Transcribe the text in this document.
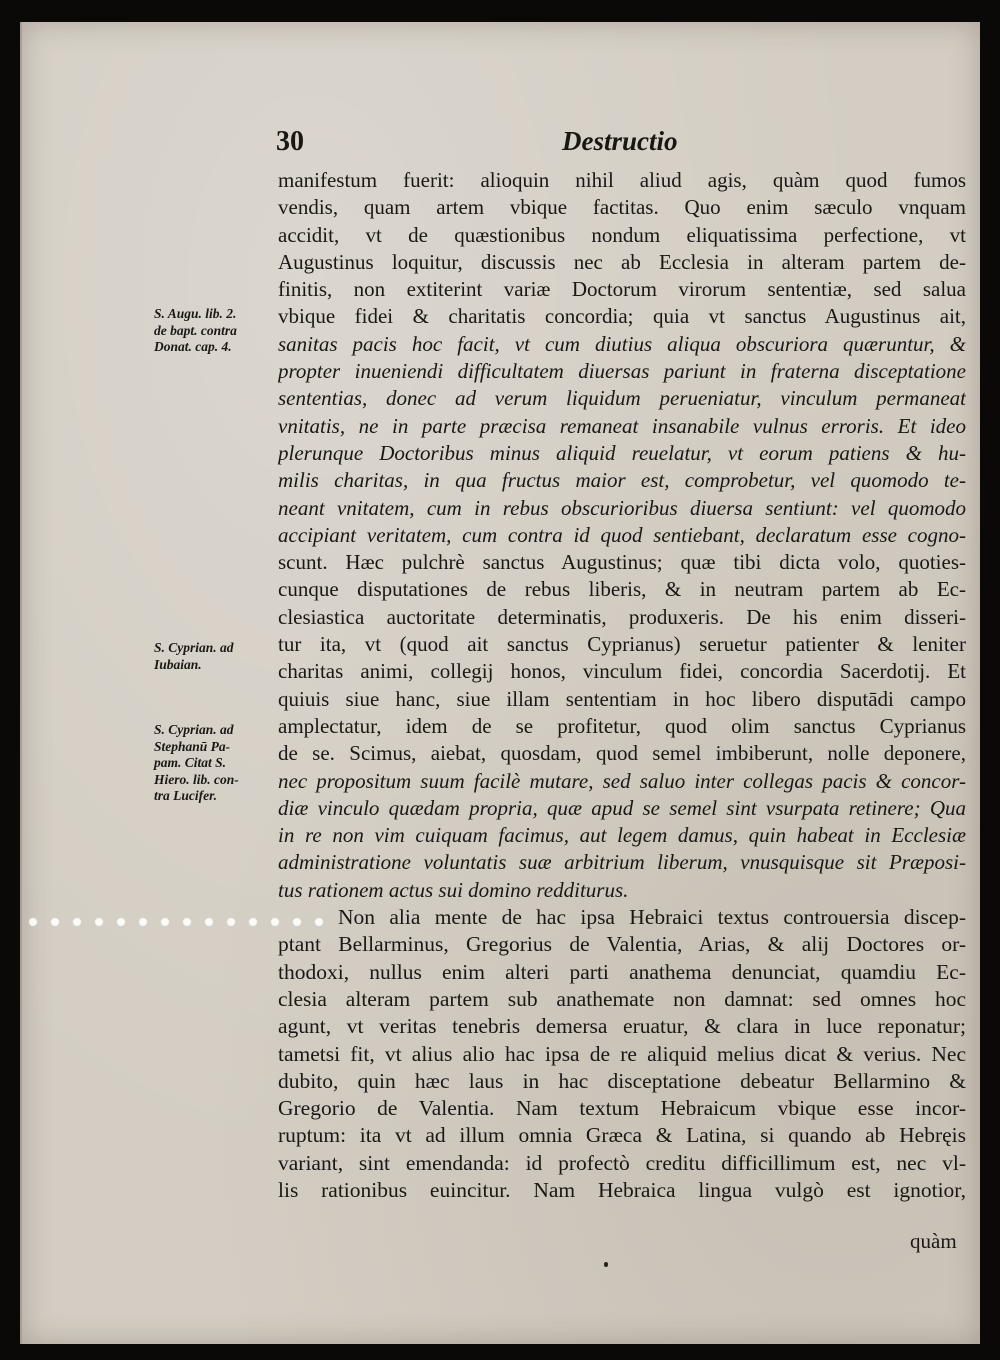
30	Destructio
S. Augu. lib. 2.
de bapt. contra
Donat. cap. 4.
S. Cyprian. ad
Iubaian.
S. Cyprian. ad
Stephanū Pa-
pam. Citat S.
Hiero. lib. con-
tra Lucifer.
manifestum fuerit: alioquin nihil aliud agis, quàm quod fumos
vendis, quam artem vbique factitas. Quo enim sæculo vnquam
accidit, vt de quæstionibus nondum eliquatissima perfectione, vt
Augustinus loquitur, discussis nec ab Ecclesia in alteram partem de-
finitis, non extiterint variæ Doctorum virorum sententiæ, sed salua
vbique fidei & charitatis concordia; quia vt sanctus Augustinus ait,
sanitas pacis hoc facit, vt cum diutius aliqua obscuriora quæruntur, &
propter inueniendi difficultatem diuersas pariunt in fraterna disceptatione
sententias, donec ad verum liquidum perueniatur, vinculum permaneat
vnitatis, ne in parte præcisa remaneat insanabile vulnus erroris. Et ideo
plerunque Doctoribus minus aliquid reuelatur, vt eorum patiens & hu-
milis charitas, in qua fructus maior est, comprobetur, vel quomodo te-
neant vnitatem, cum in rebus obscurioribus diuersa sentiunt: vel quomodo
accipiant veritatem, cum contra id quod sentiebant, declaratum esse cogno-
scunt. Hæc pulchrè sanctus Augustinus; quæ tibi dicta volo, quoties-
cunque disputationes de rebus liberis, & in neutram partem ab Ec-
clesiastica auctoritate determinatis, produxeris. De his enim disseri-
tur ita, vt (quod ait sanctus Cyprianus) seruetur patienter & leniter
charitas animi, collegij honos, vinculum fidei, concordia Sacerdotij. Et
quiuis siue hanc, siue illam sententiam in hoc libero disputādi campo
amplectatur, idem de se profitetur, quod olim sanctus Cyprianus
de se. Scimus, aiebat, quosdam, quod semel imbiberunt, nolle deponere,
nec propositum suum facilè mutare, sed saluo inter collegas pacis & concor-
diæ vinculo quædam propria, quæ apud se semel sint vsurpata retinere; Qua
in re non vim cuiquam facimus, aut legem damus, quin habeat in Ecclesiæ
administratione voluntatis suæ arbitrium liberum, vnusquisque sit Præposi-
tus rationem actus sui domino redditurus.
Non alia mente de hac ipsa Hebraici textus controuersia discep-
ptant Bellarminus, Gregorius de Valentia, Arias, & alij Doctores or-
thodoxi, nullus enim alteri parti anathema denunciat, quamdiu Ec-
clesia alteram partem sub anathemate non damnat: sed omnes hoc
agunt, vt veritas tenebris demersa eruatur, & clara in luce reponatur;
tametsi fit, vt alius alio hac ipsa de re aliquid melius dicat & verius. Nec
dubito, quin hæc laus in hac disceptatione debeatur Bellarmino &
Gregorio de Valentia. Nam textum Hebraicum vbique esse incor-
ruptum: ita vt ad illum omnia Græca & Latina, si quando ab Hebręis
variant, sint emendanda: id profectò creditu difficillimum est, nec vl-
lis rationibus euincitur. Nam Hebraica lingua vulgò est ignotior,
quàm
